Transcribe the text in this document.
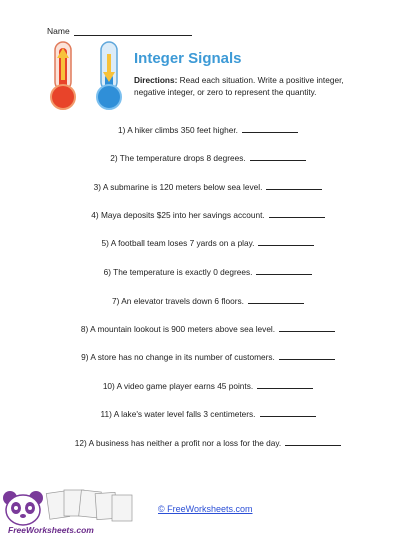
Name
Integer Signals
Directions: Read each situation. Write a positive integer, negative integer, or zero to represent the quantity.
1) A hiker climbs 350 feet higher.
2) The temperature drops 8 degrees.
3) A submarine is 120 meters below sea level.
4) Maya deposits $25 into her savings account.
5) A football team loses 7 yards on a play.
6) The temperature is exactly 0 degrees.
7) An elevator travels down 6 floors.
8) A mountain lookout is 900 meters above sea level.
9) A store has no change in its number of customers.
10) A video game player earns 45 points.
11) A lake's water level falls 3 centimeters.
12) A business has neither a profit nor a loss for the day.
FreeWorksheets.com
© FreeWorksheets.com
